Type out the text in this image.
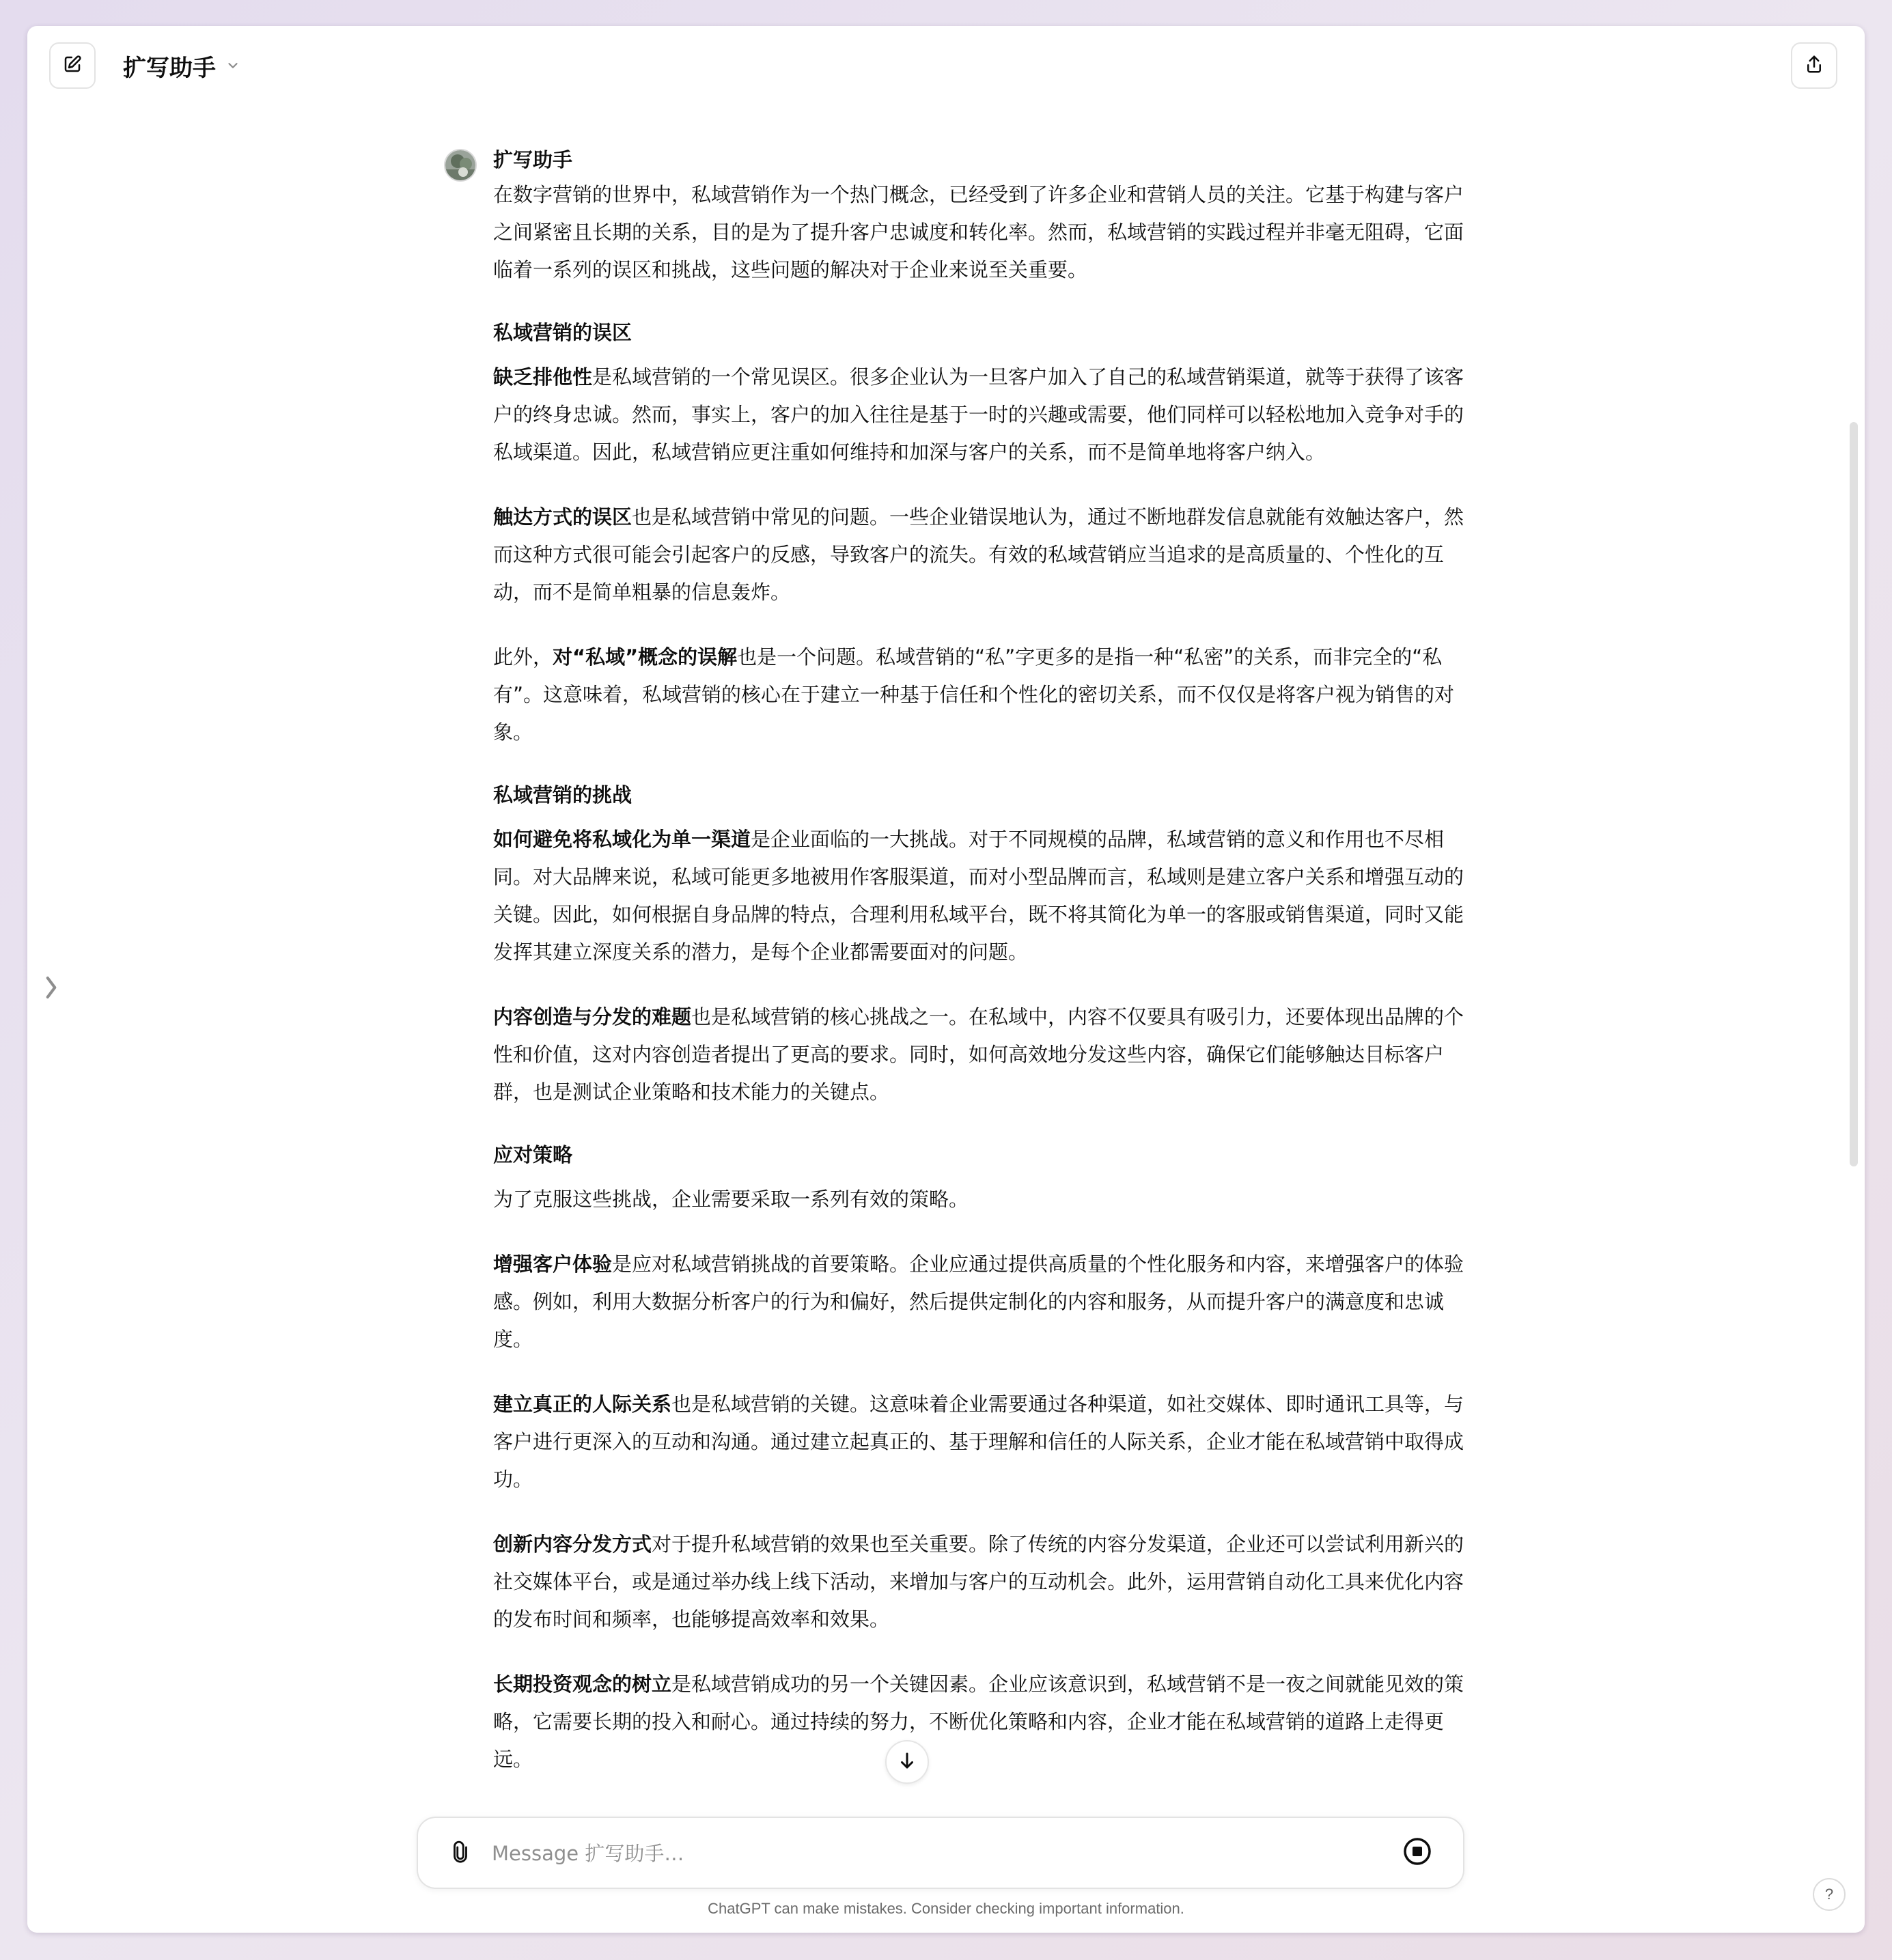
扩写助手
扩写助手

在数字营销的世界中，私域营销作为一个热门概念，已经受到了许多企业和营销人员的关注。它基于构建与客户之间紧密且长期的关系，目的是为了提升客户忠诚度和转化率。然而，私域营销的实践过程并非毫无阻碍，它面临着一系列的误区和挑战，这些问题的解决对于企业来说至关重要。

私域营销的误区

缺乏排他性是私域营销的一个常见误区。很多企业认为一旦客户加入了自己的私域营销渠道，就等于获得了该客户的终身忠诚。然而，事实上，客户的加入往往是基于一时的兴趣或需要，他们同样可以轻松地加入竞争对手的私域渠道。因此，私域营销应更注重如何维持和加深与客户的关系，而不是简单地将客户纳入。

触达方式的误区也是私域营销中常见的问题。一些企业错误地认为，通过不断地群发信息就能有效触达客户，然而这种方式很可能会引起客户的反感，导致客户的流失。有效的私域营销应当追求的是高质量的、个性化的互动，而不是简单粗暴的信息轰炸。

此外，对“私域”概念的误解也是一个问题。私域营销的“私”字更多的是指一种“私密”的关系，而非完全的“私有”。这意味着，私域营销的核心在于建立一种基于信任和个性化的密切关系，而不仅仅是将客户视为销售的对象。

私域营销的挑战

如何避免将私域化为单一渠道是企业面临的一大挑战。对于不同规模的品牌，私域营销的意义和作用也不尽相同。对大品牌来说，私域可能更多地被用作客服渠道，而对小型品牌而言，私域则是建立客户关系和增强互动的关键。因此，如何根据自身品牌的特点，合理利用私域平台，既不将其简化为单一的客服或销售渠道，同时又能发挥其建立深度关系的潜力，是每个企业都需要面对的问题。

内容创造与分发的难题也是私域营销的核心挑战之一。在私域中，内容不仅要具有吸引力，还要体现出品牌的个性和价值，这对内容创造者提出了更高的要求。同时，如何高效地分发这些内容，确保它们能够触达目标客户群，也是测试企业策略和技术能力的关键点。

应对策略

为了克服这些挑战，企业需要采取一系列有效的策略。

增强客户体验是应对私域营销挑战的首要策略。企业应通过提供高质量的个性化服务和内容，来增强客户的体验感。例如，利用大数据分析客户的行为和偏好，然后提供定制化的内容和服务，从而提升客户的满意度和忠诚度。

建立真正的人际关系也是私域营销的关键。这意味着企业需要通过各种渠道，如社交媒体、即时通讯工具等，与客户进行更深入的互动和沟通。通过建立起真正的、基于理解和信任的人际关系，企业才能在私域营销中取得成功。

创新内容分发方式对于提升私域营销的效果也至关重要。除了传统的内容分发渠道，企业还可以尝试利用新兴的社交媒体平台，或是通过举办线上线下活动，来增加与客户的互动机会。此外，运用营销自动化工具来优化内容的发布时间和频率，也能够提高效率和效果。

长期投资观念的树立是私域营销成功的另一个关键因素。企业应该意识到，私域营销不是一夜之间就能见效的策略，它需要长期的投入和耐心。通过持续的努力，不断优化策略和内容，企业才能在私域营销的道路上走得更远。

Message 扩写助手…
ChatGPT can make mistakes. Consider checking important information.
?
